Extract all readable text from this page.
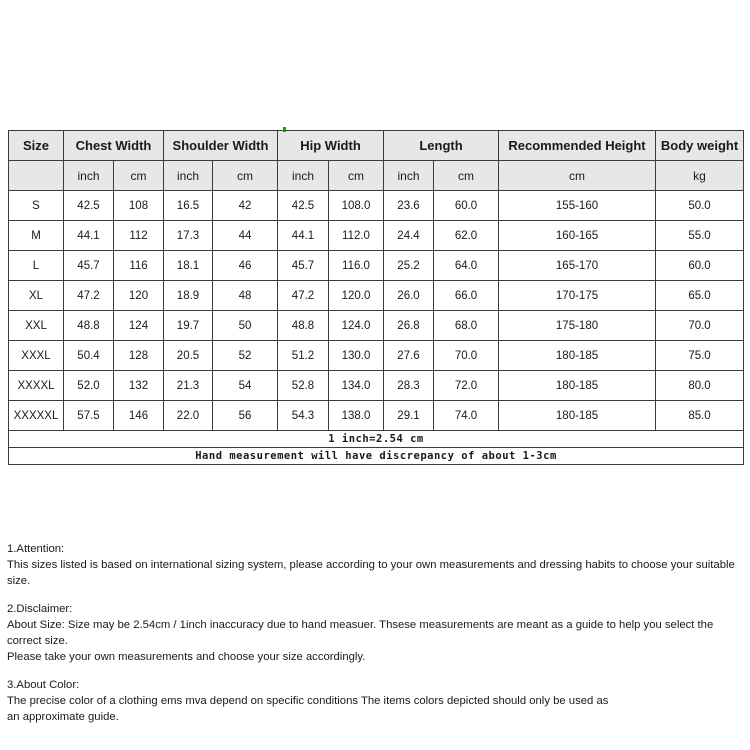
Size	Chest Width		Shoulder Width		Hip Width		Length		Recommended Height	Body weight
	inch	cm	inch	cm	inch	cm	inch	cm	cm	kg
S	42.5	108	16.5	42	42.5	108.0	23.6	60.0	155-160	50.0
M	44.1	112	17.3	44	44.1	112.0	24.4	62.0	160-165	55.0
L	45.7	116	18.1	46	45.7	116.0	25.2	64.0	165-170	60.0
XL	47.2	120	18.9	48	47.2	120.0	26.0	66.0	170-175	65.0
XXL	48.8	124	19.7	50	48.8	124.0	26.8	68.0	175-180	70.0
XXXL	50.4	128	20.5	52	51.2	130.0	27.6	70.0	180-185	75.0
XXXXL	52.0	132	21.3	54	52.8	134.0	28.3	72.0	180-185	80.0
XXXXXL	57.5	146	22.0	56	54.3	138.0	29.1	74.0	180-185	85.0
1 inch=2.54 cm										
Hand measurement will have discrepancy of about 1-3cm										

1.Attention:

This sizes listed is based on international sizing system, please according to your own measurements and dressing habits to choose your suitable size.

2.Disclaimer:

About Size: Size may be 2.54cm / 1inch inaccuracy due to hand measuer. Thsese measurements are meant as a guide to help you select the correct size.

Please take your own measurements and choose your size accordingly.

3.About Color:

The precise color of a clothing ems mva depend on specific conditions The items colors depicted should only be used as

an approximate guide.
